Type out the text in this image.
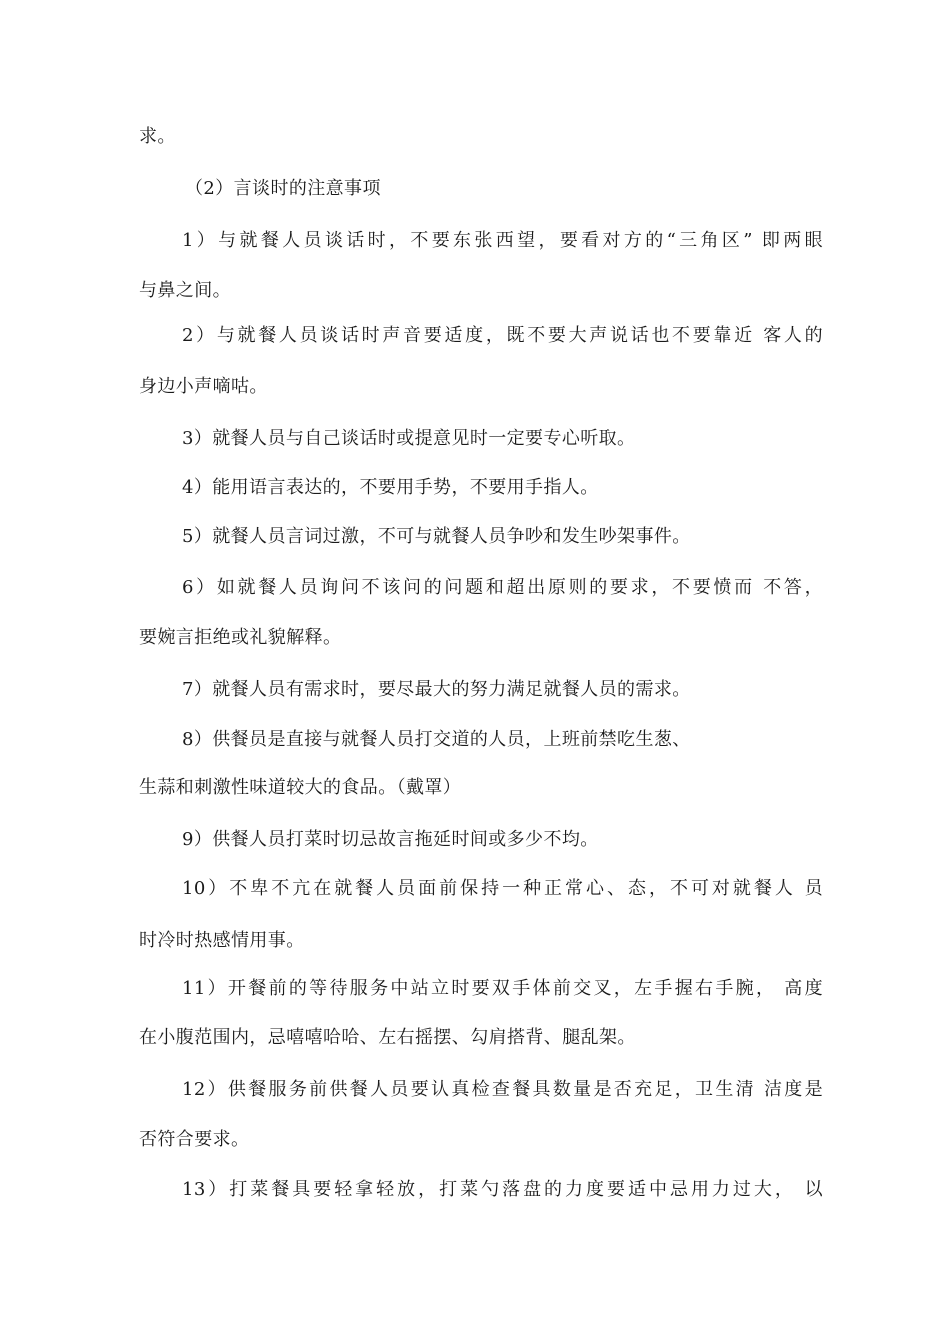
求。
（2）言谈时的注意事项
1）与就餐人员谈话时，不要东张西望，要看对方的“三角区” 即两眼
与鼻之间。
2）与就餐人员谈话时声音要适度，既不要大声说话也不要靠近 客人的
身边小声嘀咕。
3）就餐人员与自己谈话时或提意见时一定要专心听取。
4）能用语言表达的，不要用手势，不要用手指人。
5）就餐人员言词过激，不可与就餐人员争吵和发生吵架事件。
6）如就餐人员询问不该问的问题和超出原则的要求，不要愤而 不答，
要婉言拒绝或礼貌解释。
7）就餐人员有需求时，要尽最大的努力满足就餐人员的需求。
8）供餐员是直接与就餐人员打交道的人员，上班前禁吃生葱、
生蒜和刺激性味道较大的食品。（戴罩）
9）供餐人员打菜时切忌故言拖延时间或多少不均。
10）不卑不亢在就餐人员面前保持一种正常心、态，不可对就餐人 员
时冷时热感情用事。
11）开餐前的等待服务中站立时要双手体前交叉，左手握右手腕， 高度
在小腹范围内，忌嘻嘻哈哈、左右摇摆、勾肩搭背、腿乱架。
12）供餐服务前供餐人员要认真检查餐具数量是否充足，卫生清 洁度是
否符合要求。
13）打菜餐具要轻拿轻放，打菜勺落盘的力度要适中忌用力过大， 以
